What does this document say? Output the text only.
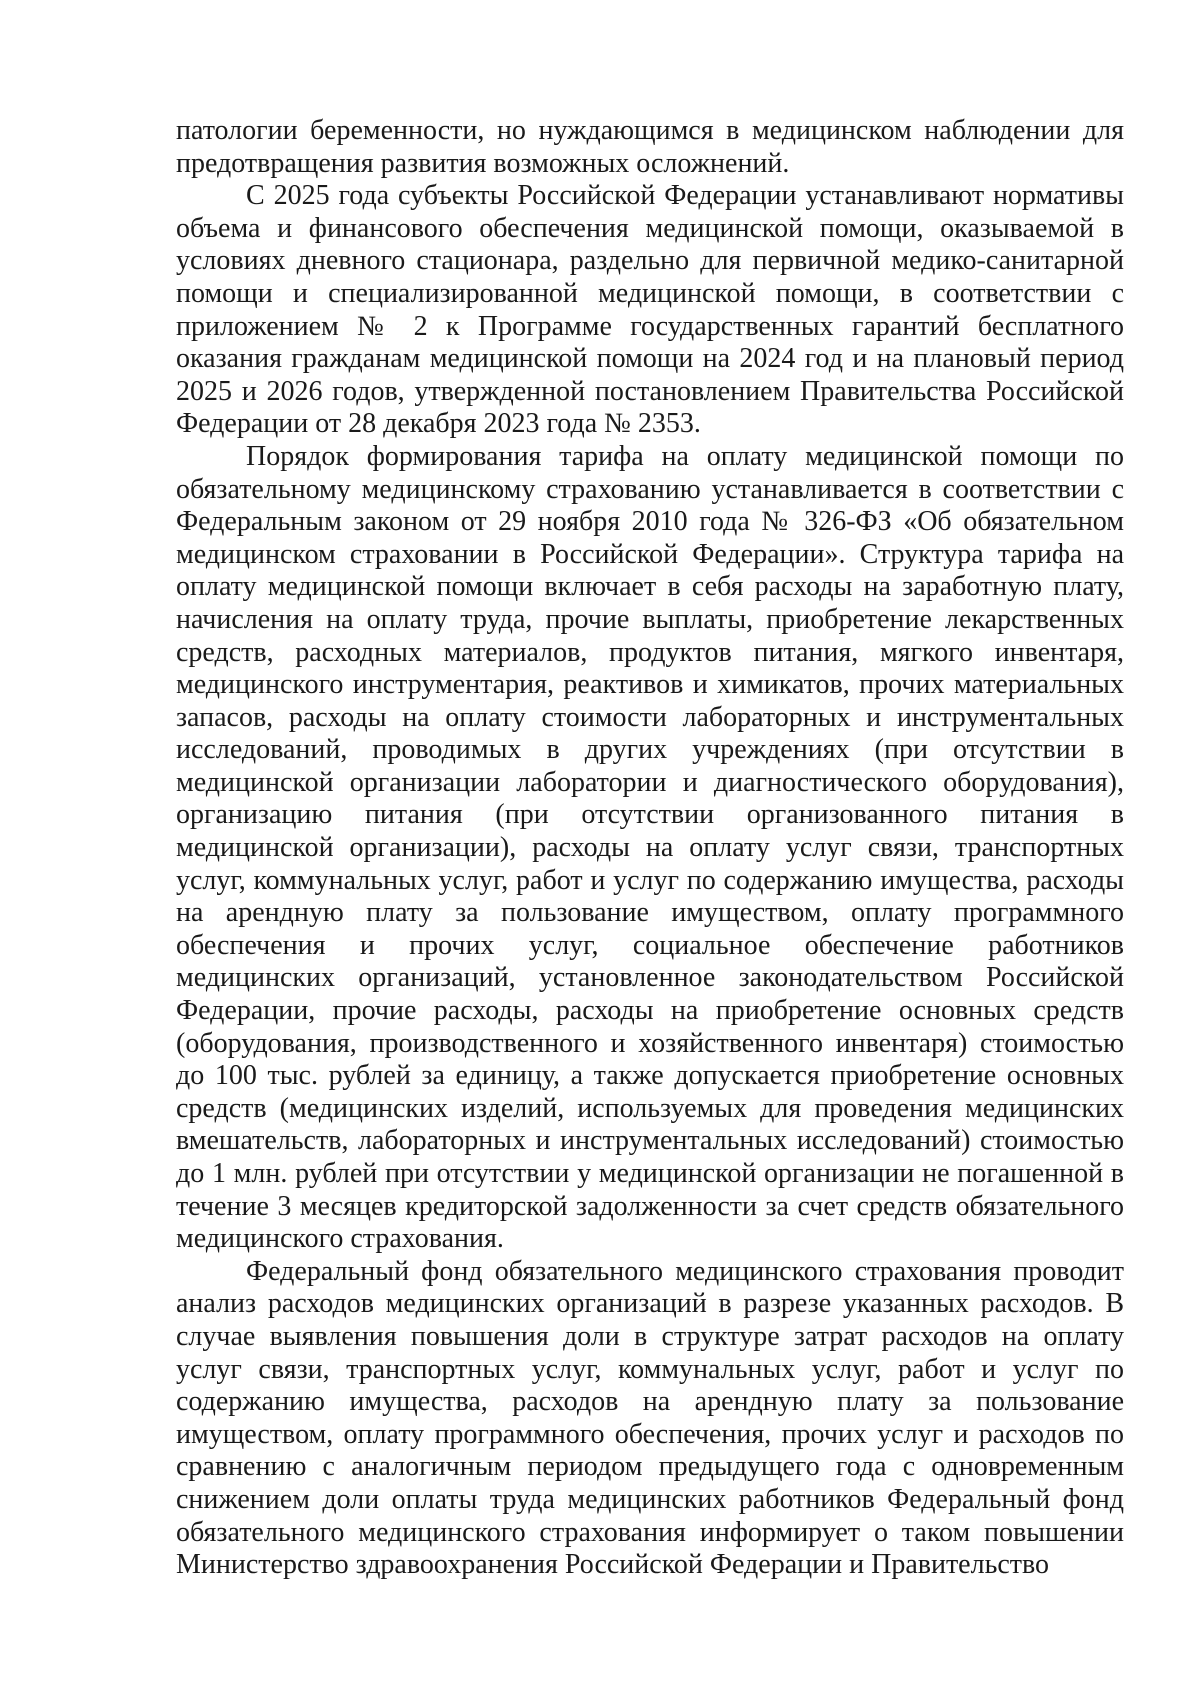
патологии беременности, но нуждающимся в медицинском наблюдении для предотвращения развития возможных осложнений.

С 2025 года субъекты Российской Федерации устанавливают нормативы объема и финансового обеспечения медицинской помощи, оказываемой в условиях дневного стационара, раздельно для первичной медико-санитарной помощи и специализированной медицинской помощи, в соответствии с приложением № 2 к Программе государственных гарантий бесплатного оказания гражданам медицинской помощи на 2024 год и на плановый период 2025 и 2026 годов, утвержденной постановлением Правительства Российской Федерации от 28 декабря 2023 года № 2353.

Порядок формирования тарифа на оплату медицинской помощи по обязательному медицинскому страхованию устанавливается в соответствии с Федеральным законом от 29 ноября 2010 года № 326-ФЗ «Об обязательном медицинском страховании в Российской Федерации». Структура тарифа на оплату медицинской помощи включает в себя расходы на заработную плату, начисления на оплату труда, прочие выплаты, приобретение лекарственных средств, расходных материалов, продуктов питания, мягкого инвентаря, медицинского инструментария, реактивов и химикатов, прочих материальных запасов, расходы на оплату стоимости лабораторных и инструментальных исследований, проводимых в других учреждениях (при отсутствии в медицинской организации лаборатории и диагностического оборудования), организацию питания (при отсутствии организованного питания в медицинской организации), расходы на оплату услуг связи, транспортных услуг, коммунальных услуг, работ и услуг по содержанию имущества, расходы на арендную плату за пользование имуществом, оплату программного обеспечения и прочих услуг, социальное обеспечение работников медицинских организаций, установленное законодательством Российской Федерации, прочие расходы, расходы на приобретение основных средств (оборудования, производственного и хозяйственного инвентаря) стоимостью до 100 тыс. рублей за единицу, а также допускается приобретение основных средств (медицинских изделий, используемых для проведения медицинских вмешательств, лабораторных и инструментальных исследований) стоимостью до 1 млн. рублей при отсутствии у медицинской организации не погашенной в течение 3 месяцев кредиторской задолженности за счет средств обязательного медицинского страхования.

Федеральный фонд обязательного медицинского страхования проводит анализ расходов медицинских организаций в разрезе указанных расходов. В случае выявления повышения доли в структуре затрат расходов на оплату услуг связи, транспортных услуг, коммунальных услуг, работ и услуг по содержанию имущества, расходов на арендную плату за пользование имуществом, оплату программного обеспечения, прочих услуг и расходов по сравнению с аналогичным периодом предыдущего года с одновременным снижением доли оплаты труда медицинских работников Федеральный фонд обязательного медицинского страхования информирует о таком повышении Министерство здравоохранения Российской Федерации и Правительство
